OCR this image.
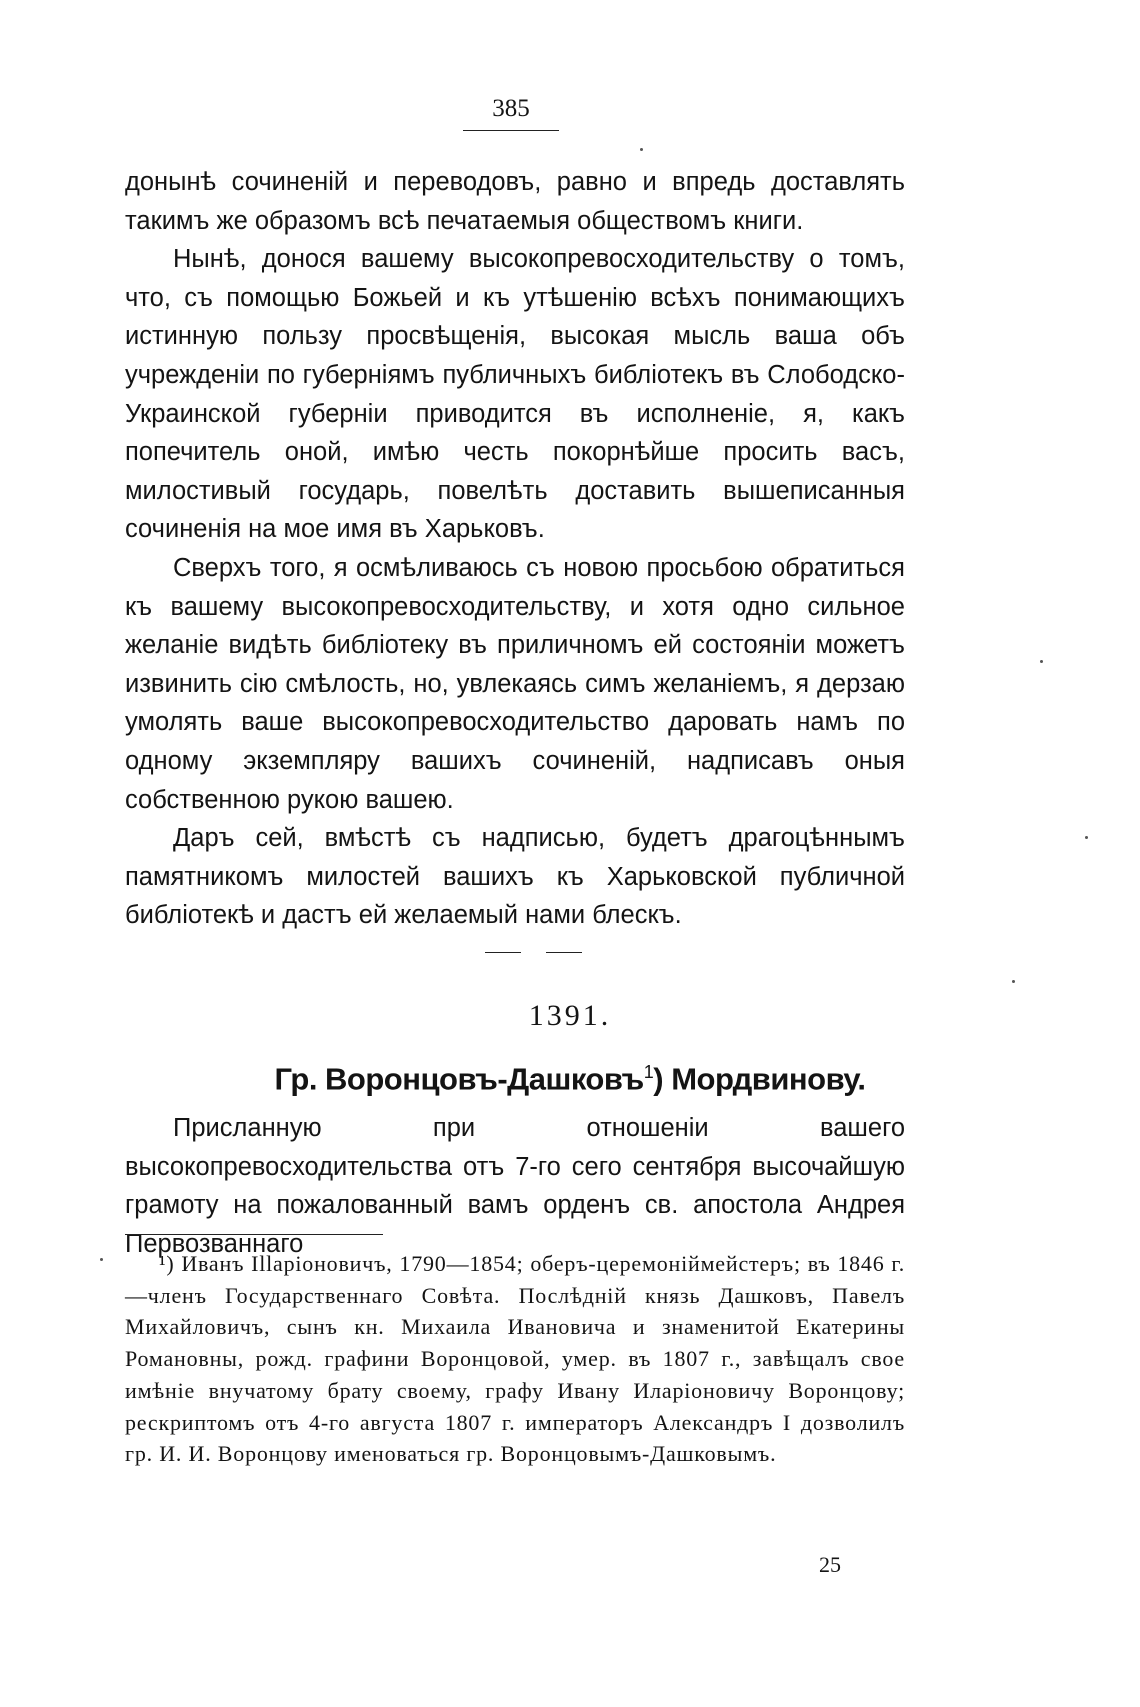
385

донынѣ сочиненій и переводовъ, равно и впредь доставлять такимъ же образомъ всѣ печатаемыя обществомъ книги.

Нынѣ, донося вашему высокопревосходительству о томъ, что, съ помощью Божьей и къ утѣшенію всѣхъ понимающихъ истинную пользу просвѣщенія, высокая мысль ваша объ учрежденіи по губерніямъ публичныхъ библіотекъ въ Слободско-Украинской губерніи приводится въ исполненіе, я, какъ попечитель оной, имѣю честь покорнѣйше просить васъ, милостивый государь, повелѣть доставить вышеписанныя сочиненія на мое имя въ Харьковъ.

Сверхъ того, я осмѣливаюсь съ новою просьбою обратиться къ вашему высокопревосходительству, и хотя одно сильное желаніе видѣть библіотеку въ приличномъ ей состояніи можетъ извинить сію смѣлость, но, увлекаясь симъ желаніемъ, я дерзаю умолять ваше высокопревосходительство даровать намъ по одному экземпляру вашихъ сочиненій, надписавъ оныя собственною рукою вашею.

Даръ сей, вмѣстѣ съ надписью, будетъ драгоцѣннымъ памятникомъ милостей вашихъ къ Харьковской публичной библіотекѣ и дастъ ей желаемый нами блескъ.

1391.
Гр. Воронцовъ-Дашковъ$^1$) Мордвинову.

Присланную при отношеніи вашего высокопревосходительства отъ 7-го сего сентября высочайшую грамоту на пожалованный вамъ орденъ св. апостола Андрея Первозваннаго

¹) Иванъ Illаріоновичъ, 1790—1854; оберъ-церемоніймейстеръ; въ 1846 г.—членъ Государственнаго Совѣта. Послѣдній князь Дашковъ, Павелъ Михайловичъ, сынъ кн. Михаила Ивановича и знаменитой Екатерины Романовны, рожд. графини Воронцовой, умер. въ 1807 г., завѣщалъ свое имѣніе внучатому брату своему, графу Ивану Иларіоновичу Воронцову; рескриптомъ отъ 4-го августа 1807 г. императоръ Александръ I дозволилъ гр. И. И. Воронцову именоваться гр. Воронцовымъ-Дашковымъ.

25
